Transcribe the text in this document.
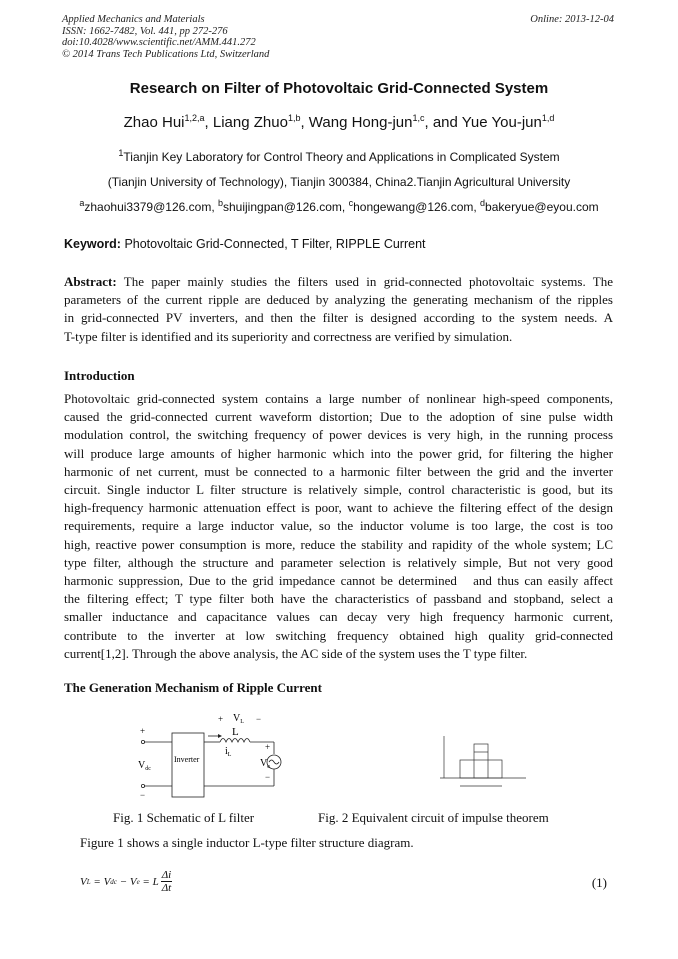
Applied Mechanics and Materials
ISSN: 1662-7482, Vol. 441, pp 272-276
doi:10.4028/www.scientific.net/AMM.441.272
© 2014 Trans Tech Publications Ltd, Switzerland
Online: 2013-12-04
Research on Filter of Photovoltaic Grid-Connected System
Zhao Hui$^{1,2,a}$, Liang Zhuo$^{1,b}$, Wang Hong-jun$^{1,c}$, and Yue You-jun$^{1,d}$
$^1$Tianjin Key Laboratory for Control Theory and Applications in Complicated System
(Tianjin University of Technology), Tianjin 300384, China2.Tianjin Agricultural University
$^a$zhaohui3379@126.com, $^b$shuijingpan@126.com, $^c$hongewang@126.com, $^d$bakeryue@eyou.com
Keyword: Photovoltaic Grid-Connected, T Filter, RIPPLE Current
Abstract: The paper mainly studies the filters used in grid-connected photovoltaic systems. The
parameters of the current ripple are deduced by analyzing the generating mechanism of the ripples
in grid-connected PV inverters, and then the filter is designed according to the system needs. A
T-type filter is identified and its superiority and correctness are verified by simulation.
Introduction
Photovoltaic grid-connected system contains a large number of nonlinear high-speed components,
caused the grid-connected current waveform distortion; Due to the adoption of sine pulse width
modulation control, the switching frequency of power devices is very high, in the running process
will produce large amounts of higher harmonic which into the power grid, for filtering the higher
harmonic of net current, must be connected to a harmonic filter between the grid and the inverter
circuit. Single inductor L filter structure is relatively simple, control characteristic is good, but its
high-frequency harmonic attenuation effect is poor, want to achieve the filtering effect of the design
requirements, require a large inductor value, so the inductor volume is too large, the cost is too
high, reactive power consumption is more, reduce the stability and rapidity of the whole system; LC
type filter, although the structure and parameter selection is relatively simple, But not very good
harmonic suppression, Due to the grid impedance cannot be determined   and thus can easily affect
the filtering effect; T type filter both have the characteristics of passband and stopband, select a
smaller inductance and capacitance values can decay very high frequency harmonic current,
contribute to the inverter at low switching frequency obtained high quality grid-connected
current[1,2]. Through the above analysis, the AC side of the system uses the T type filter.
The Generation Mechanism of Ripple Current
+
−
$V_{dc}$
Inverter
+ $V_L$ −
L
$i_L$
+
$V_e$
−
Fig. 1 Schematic of L filter	Fig. 2 Equivalent circuit of impulse theorem
Figure 1 shows a single inductor L-type filter structure diagram.
V L = V dc − V e = L
Δi
Δt	(1)
